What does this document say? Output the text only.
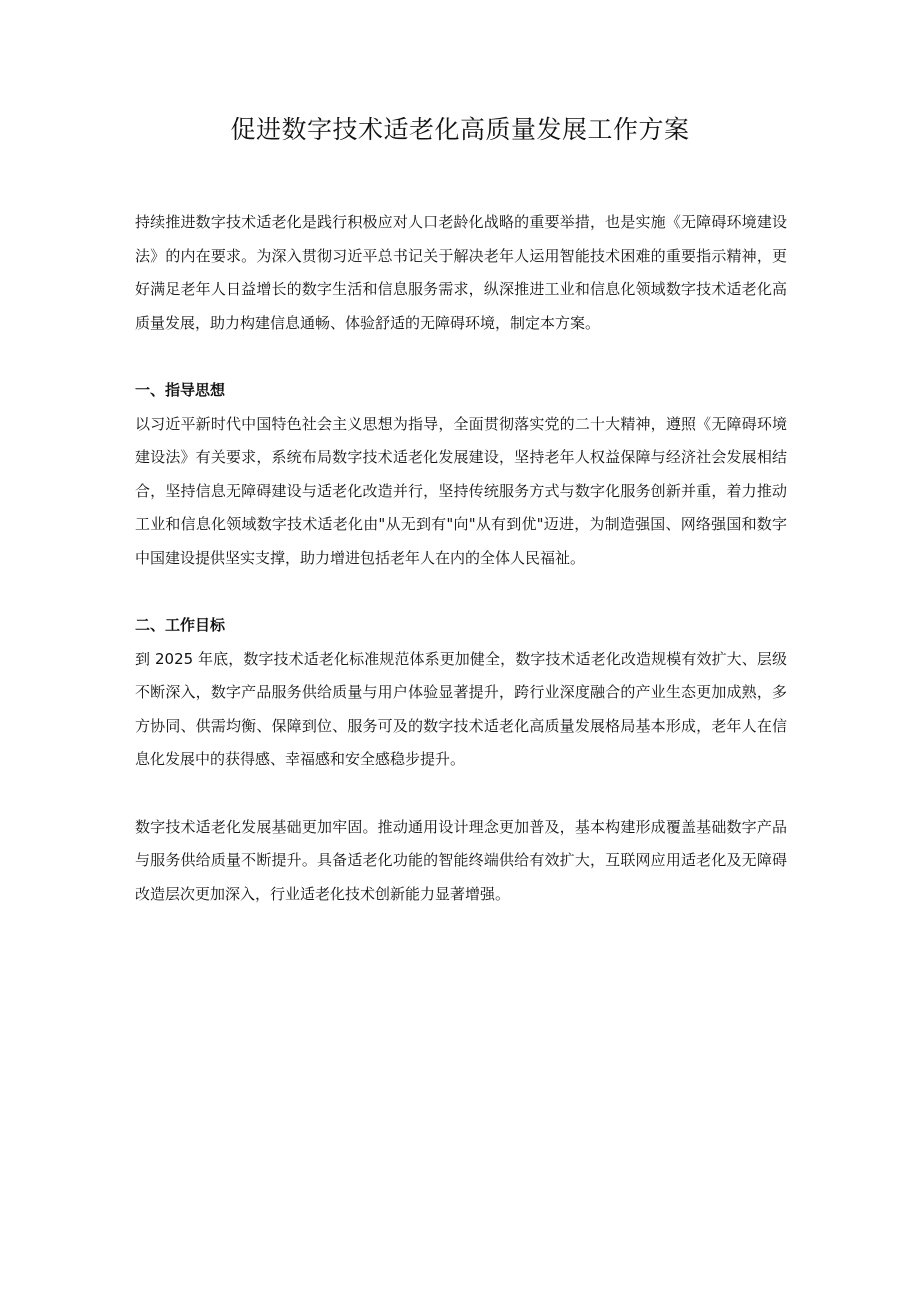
促进数字技术适老化高质量发展工作方案

持续推进数字技术适老化是践行积极应对人口老龄化战略的重要举措，也是实施《无障碍环境建设法》的内在要求。为深入贯彻习近平总书记关于解决老年人运用智能技术困难的重要指示精神，更好满足老年人日益增长的数字生活和信息服务需求，纵深推进工业和信息化领域数字技术适老化高质量发展，助力构建信息通畅、体验舒适的无障碍环境，制定本方案。

一、指导思想

以习近平新时代中国特色社会主义思想为指导，全面贯彻落实党的二十大精神，遵照《无障碍环境建设法》有关要求，系统布局数字技术适老化发展建设，坚持老年人权益保障与经济社会发展相结合，坚持信息无障碍建设与适老化改造并行，坚持传统服务方式与数字化服务创新并重，着力推动工业和信息化领域数字技术适老化由"从无到有"向"从有到优"迈进，为制造强国、网络强国和数字中国建设提供坚实支撑，助力增进包括老年人在内的全体人民福祉。

二、工作目标

到 2025 年底，数字技术适老化标准规范体系更加健全，数字技术适老化改造规模有效扩大、层级不断深入，数字产品服务供给质量与用户体验显著提升，跨行业深度融合的产业生态更加成熟，多方协同、供需均衡、保障到位、服务可及的数字技术适老化高质量发展格局基本形成，老年人在信息化发展中的获得感、幸福感和安全感稳步提升。

数字技术适老化发展基础更加牢固。推动通用设计理念更加普及，基本构建形成覆盖基础数字产品与服务供给质量不断提升。具备适老化功能的智能终端供给有效扩大，互联网应用适老化及无障碍改造层次更加深入，行业适老化技术创新能力显著增强。
